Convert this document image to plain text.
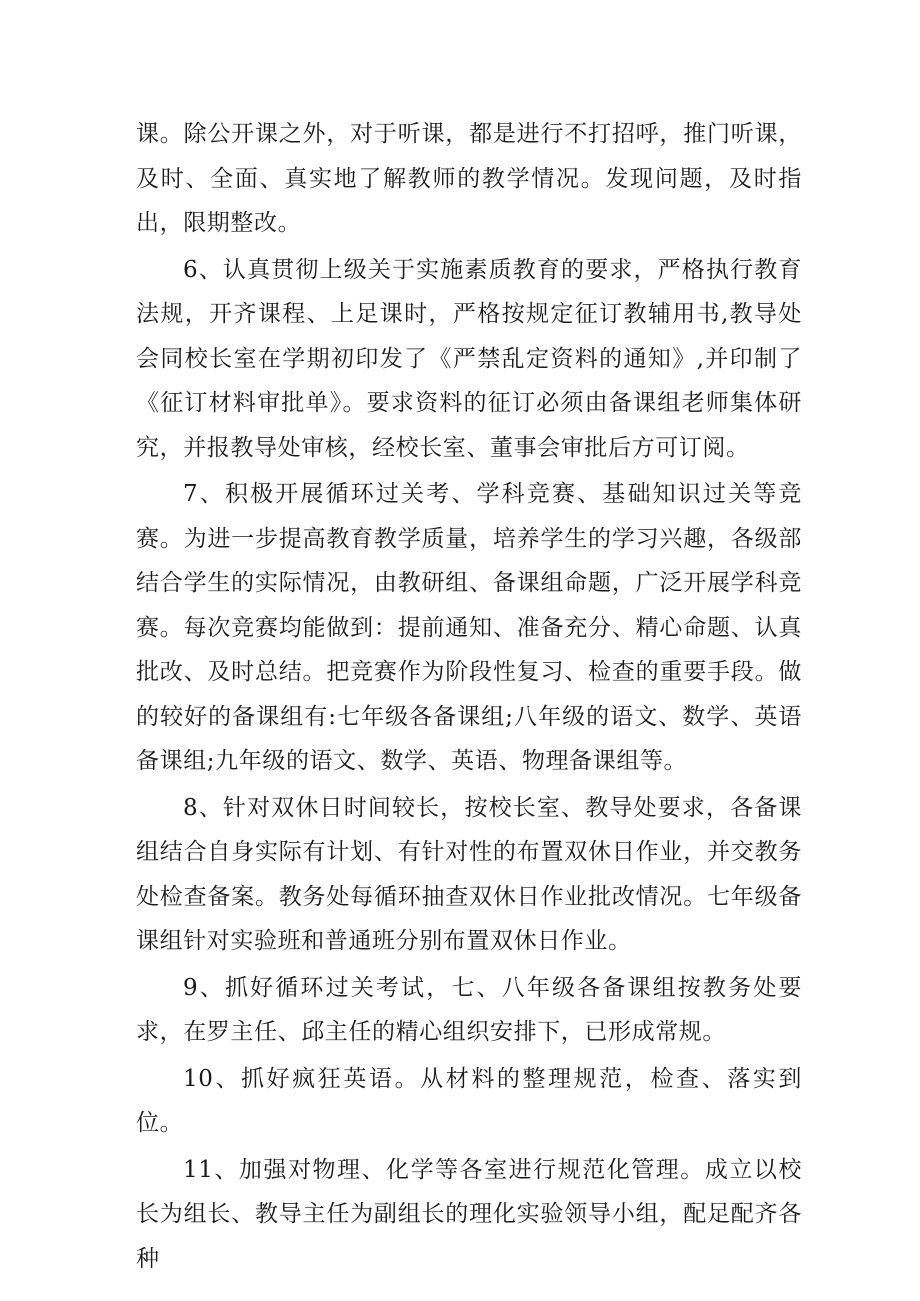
课。除公开课之外，对于听课，都是进行不打招呼，推门听课，及时、全面、真实地了解教师的教学情况。发现问题，及时指出，限期整改。

6、认真贯彻上级关于实施素质教育的要求，严格执行教育法规，开齐课程、上足课时，严格按规定征订教辅用书,教导处会同校长室在学期初印发了《严禁乱定资料的通知》,并印制了《征订材料审批单》。要求资料的征订必须由备课组老师集体研究，并报教导处审核，经校长室、董事会审批后方可订阅。

7、积极开展循环过关考、学科竞赛、基础知识过关等竞赛。为进一步提高教育教学质量，培养学生的学习兴趣，各级部结合学生的实际情况，由教研组、备课组命题，广泛开展学科竞赛。每次竞赛均能做到：提前通知、准备充分、精心命题、认真批改、及时总结。把竞赛作为阶段性复习、检查的重要手段。做的较好的备课组有:七年级各备课组;八年级的语文、数学、英语备课组;九年级的语文、数学、英语、物理备课组等。

8、针对双休日时间较长，按校长室、教导处要求，各备课组结合自身实际有计划、有针对性的布置双休日作业，并交教务处检查备案。教务处每循环抽查双休日作业批改情况。七年级备课组针对实验班和普通班分别布置双休日作业。

9、抓好循环过关考试，七、八年级各备课组按教务处要求，在罗主任、邱主任的精心组织安排下，已形成常规。

10、抓好疯狂英语。从材料的整理规范，检查、落实到位。

11、加强对物理、化学等各室进行规范化管理。成立以校长为组长、教导主任为副组长的理化实验领导小组，配足配齐各种
